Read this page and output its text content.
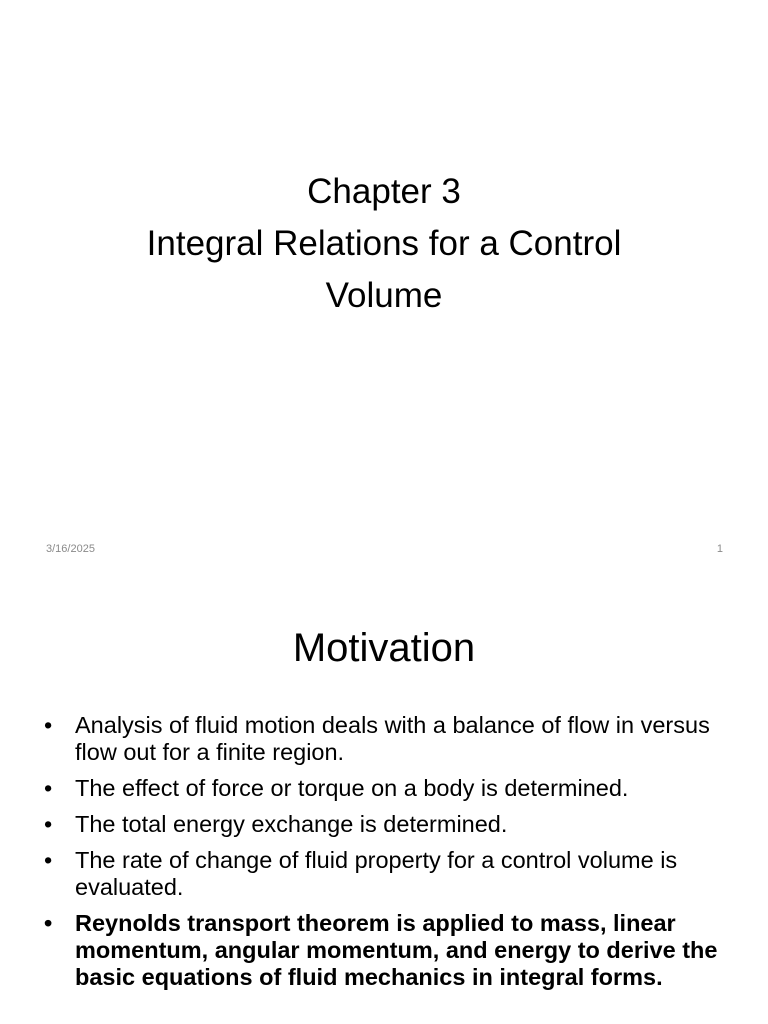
Chapter 3
Integral Relations for a Control
Volume
3/16/2025	1
Motivation
• Analysis of fluid motion deals with a balance of flow in versus flow out for a finite region.
• The effect of force or torque on a body is determined.
• The total energy exchange is determined.
• The rate of change of fluid property for a control volume is evaluated.
• Reynolds transport theorem is applied to mass, linear momentum, angular momentum, and energy to derive the basic equations of fluid mechanics in integral forms.
